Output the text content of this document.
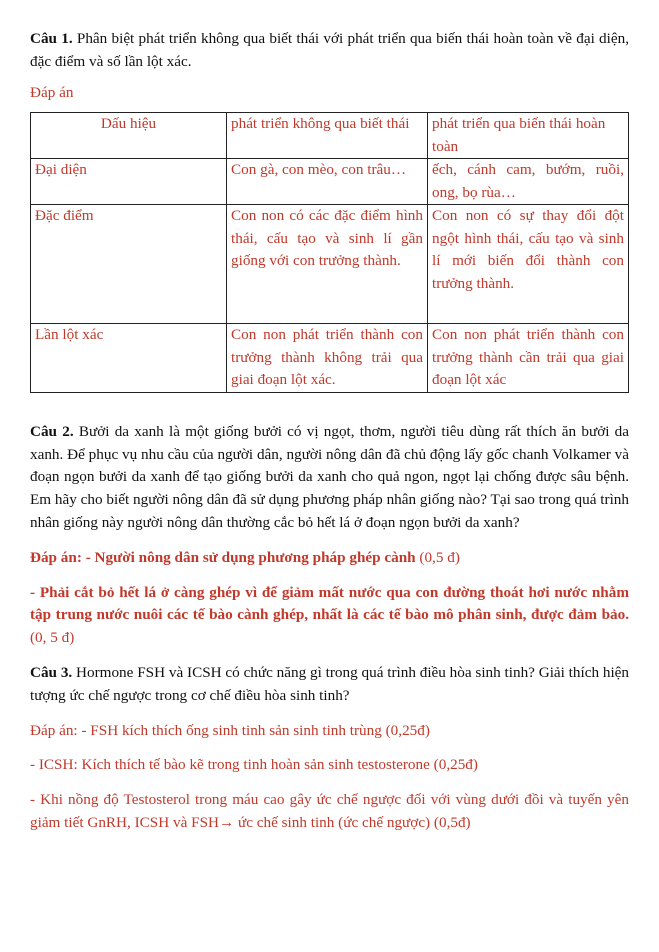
Câu 1. Phân biệt phát triển không qua biết thái với phát triển qua biến thái hoàn toàn về đại diện, đặc điểm và số lần lột xác.

Đáp án

Dấu hiệu	phát triển không qua biết thái	phát triển qua biến thái hoàn toàn
Đại diện	Con gà, con mèo, con trâu…	ếch, cánh cam, bướm, ruồi, ong, bọ rùa…
Đặc điểm	Con non có các đặc điểm hình thái, cấu tạo và sinh lí gần giống với con trưởng thành.	Con non có sự thay đổi đột ngột hình thái, cấu tạo và sinh lí mới biến đổi thành con trưởng thành.
Lần lột xác	Con non phát triển thành con trưởng thành không trải qua giai đoạn lột xác.	Con non phát triển thành con trưởng thành cần trải qua giai đoạn lột xác

Câu 2. Bưởi da xanh là một giống bưởi có vị ngọt, thơm, người tiêu dùng rất thích ăn bưởi da xanh. Để phục vụ nhu cầu của người dân, người nông dân đã chủ động lấy gốc chanh Volkamer và đoạn ngọn bưởi da xanh để tạo giống bưởi da xanh cho quả ngon, ngọt lại chống được sâu bệnh. Em hãy cho biết người nông dân đã sử dụng phương pháp nhân giống nào? Tại sao trong quá trình nhân giống này người nông dân thường cắc bỏ hết lá ở đoạn ngọn bưởi da xanh?

Đáp án: - Người nông dân sử dụng phương pháp ghép cành (0,5 đ)

- Phải cắt bỏ hết lá ở càng ghép vì để giảm mất nước qua con đường thoát hơi nước nhằm tập trung nước nuôi các tế bào cành ghép, nhất là các tế bào mô phân sinh, được đảm bảo. (0, 5 đ)

Câu 3. Hormone FSH và ICSH có chức năng gì trong quá trình điều hòa sinh tinh? Giải thích hiện tượng ức chế ngược trong cơ chế điều hòa sinh tinh?

Đáp án: - FSH kích thích ống sinh tinh sản sinh tinh trùng (0,25đ)

- ICSH: Kích thích tế bào kẽ trong tinh hoàn sản sinh testosterone (0,25đ)

- Khi nồng độ Testosterol trong máu cao gây ức chế ngược đối với vùng dưới đồi và tuyến yên giảm tiết GnRH, ICSH và FSH→ ức chế sinh tinh (ức chế ngược) (0,5đ)
